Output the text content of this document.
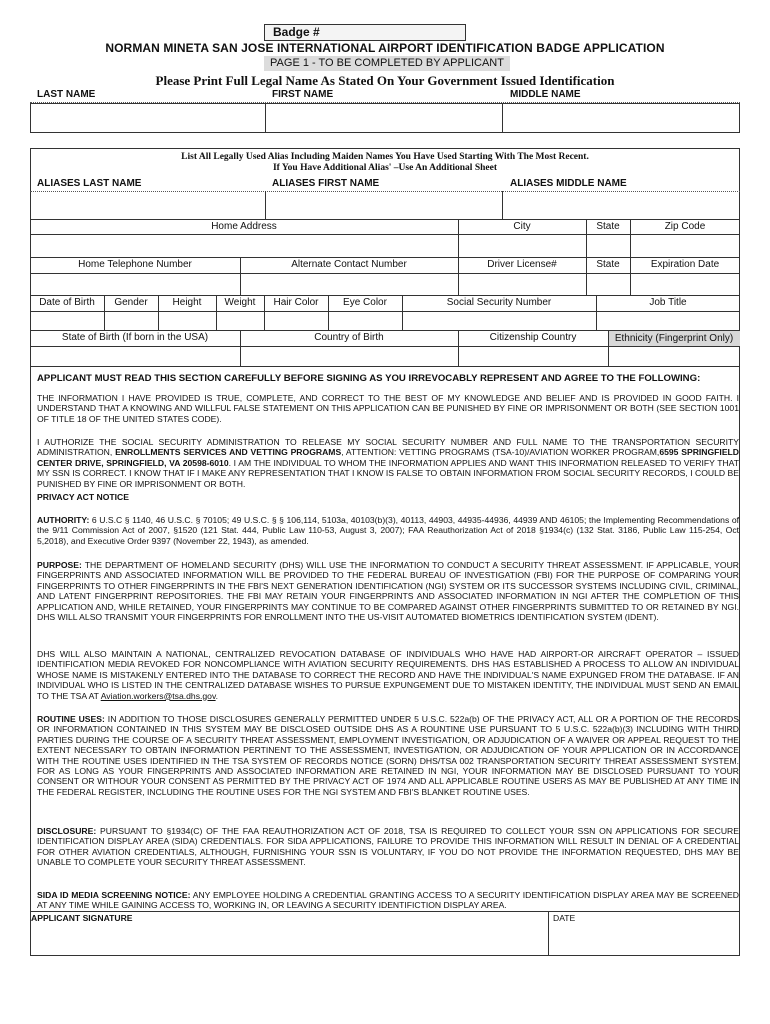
Badge #
NORMAN MINETA SAN JOSE INTERNATIONAL AIRPORT IDENTIFICATION BADGE APPLICATION
PAGE 1 - TO BE COMPLETED BY APPLICANT
Please Print Full Legal Name As Stated On Your Government Issued Identification
LAST NAME	FIRST NAME	MIDDLE NAME
List All Legally Used Alias Including Maiden Names You Have Used Starting With The Most Recent.
If You Have Additional Alias' –Use An Additional Sheet
ALIASES LAST NAME	ALIASES FIRST NAME	ALIASES MIDDLE NAME
Home Address	City	State	Zip Code
Home Telephone Number	Alternate Contact Number	Driver License#	State	Expiration Date
Date of Birth	Gender	Height	Weight	Hair Color	Eye Color	Social Security Number	Job Title
State of Birth (If born in the USA)	Country of Birth	Citizenship Country	Ethnicity (Fingerprint Only)
APPLICANT MUST READ THIS SECTION CAREFULLY BEFORE SIGNING AS YOU IRREVOCABLY REPRESENT AND AGREE TO THE FOLLOWING:
THE INFORMATION I HAVE PROVIDED IS TRUE, COMPLETE, AND CORRECT TO THE BEST OF MY KNOWLEDGE AND BELIEF AND IS PROVIDED IN GOOD FAITH. I UNDERSTAND THAT A KNOWING AND WILLFUL FALSE STATEMENT ON THIS APPLICATION CAN BE PUNISHED BY FINE OR IMPRISONMENT OR BOTH (SEE SECTION 1001 OF TITLE 18 OF THE UNITED STATES CODE).
I AUTHORIZE THE SOCIAL SECURITY ADMINISTRATION TO RELEASE MY SOCIAL SECURITY NUMBER AND FULL NAME TO THE TRANSPORTATION SECURITY ADMINISTRATION, ENROLLMENTS SERVICES AND VETTING PROGRAMS, ATTENTION: VETTING PROGRAMS (TSA-10)/AVIATION WORKER PROGRAM,6595 SPRINGFIELD CENTER DRIVE, SPRINGFIELD, VA 20598-6010. I AM THE INDIVIDUAL TO WHOM THE INFORMATION APPLIES AND WANT THIS INFORMATION RELEASED TO VERIFY THAT MY SSN IS CORRECT. I KNOW THAT IF I MAKE ANY REPRESENTATION THAT I KNOW IS FALSE TO OBTAIN INFORMATION FROM SOCIAL SECURITY RECORDS, I COULD BE PUNISHED BY FINE OR IMPRISONMENT OR BOTH.
PRIVACY ACT NOTICE
AUTHORITY: 6 U.S.C § 1140, 46 U.S.C. § 70105; 49 U.S.C. § § 106,114, 5103a, 40103(b)(3), 40113, 44903, 44935-44936, 44939 AND 46105; the Implementing Recommendations of the 9/11 Commission Act of 2007, §1520 (121 Stat. 444, Public Law 110-53, August 3, 2007); FAA Reauthorization Act of 2018 §1934(c) (132 Stat. 3186, Public Law 115-254, Oct 5,2018), and Executive Order 9397 (November 22, 1943), as amended.
PURPOSE: THE DEPARTMENT OF HOMELAND SECURITY (DHS) WILL USE THE INFORMATION TO CONDUCT A SECURITY THREAT ASSESSMENT. IF APPLICABLE, YOUR FINGERPRINTS AND ASSOCIATED INFORMATION WILL BE PROVIDED TO THE FEDERAL BUREAU OF INVESTIGATION (FBI) FOR THE PURPOSE OF COMPARING YOUR FINGERPRINTS TO OTHER FINGERPRINTS IN THE FBI'S NEXT GENERATION IDENTIFICATION (NGI) SYSTEM OR ITS SUCCESSOR SYSTEMS INCLUDING CIVIL, CRIMINAL, AND LATENT FINGERPRINT REPOSITORIES. THE FBI MAY RETAIN YOUR FINGERPRINTS AND ASSOCIATED INFORMATION IN NGI AFTER THE COMPLETION OF THIS APPLICATION AND, WHILE RETAINED, YOUR FINGERPRINTS MAY CONTINUE TO BE COMPARED AGAINST OTHER FINGERPRINTS SUBMITTED TO OR RETAINED BY NGI. DHS WILL ALSO TRANSMIT YOUR FINGERPRINTS FOR ENROLLMENT INTO THE US-VISIT AUTOMATED BIOMETRICS IDENTIFICATION SYSTEM (IDENT).
DHS WILL ALSO MAINTAIN A NATIONAL, CENTRALIZED REVOCATION DATABASE OF INDIVIDUALS WHO HAVE HAD AIRPORT-OR AIRCRAFT OPERATOR – ISSUED IDENTIFICATION MEDIA REVOKED FOR NONCOMPLIANCE WITH AVIATION SECURITY REQUIREMENTS. DHS HAS ESTABLISHED A PROCESS TO ALLOW AN INDIVIDUAL WHOSE NAME IS MISTAKENLY ENTERED INTO THE DATABASE TO CORRECT THE RECORD AND HAVE THE INDIVIDUAL'S NAME EXPUNGED FROM THE DATABASE. IF AN INDIVIDUAL WHO IS LISTED IN THE CENTRALIZED DATABASE WISHES TO PURSUE EXPUNGEMENT DUE TO MISTAKEN IDENTITY, THE INDIVIDUAL MUST SEND AN EMAIL TO THE TSA AT Aviation.workers@tsa.dhs.gov.
ROUTINE USES: IN ADDITION TO THOSE DISCLOSURES GENERALLY PERMITTED UNDER 5 U.S.C. 522a(b) OF THE PRIVACY ACT, ALL OR A PORTION OF THE RECORDS OR INFORMATION CONTAINED IN THIS SYSTEM MAY BE DISCLOSED OUTSIDE DHS AS A ROUNTINE USE PURSUANT TO 5 U.S.C. 522a(b)(3) INCLUDING WITH THIRD PARTIES DURING THE COURSE OF A SECURITY THREAT ASSESSMENT, EMPLOYMENT INVESTIGATION, OR ADJUDICATION OF A WAIVER OR APPEAL REQUEST TO THE EXTENT NECESSARY TO OBTAIN INFORMATION PERTINENT TO THE ASSESSMENT, INVESTIGATION, OR ADJUDICATION OF YOUR APPLICATION OR IN ACCORDANCE WITH THE ROUTINE USES IDENTIFIED IN THE TSA SYSTEM OF RECORDS NOTICE (SORN) DHS/TSA 002 TRANSPORTATION SECURITY THREAT ASSESSMENT SYSTEM. FOR AS LONG AS YOUR FINGERPRINTS AND ASSOCIATED INFORMATION ARE RETAINED IN NGI, YOUR INFORMATION MAY BE DISCLOSED PURSUANT TO YOUR CONSENT OR WITHOUR YOUR CONSENT AS PERMITTED BY THE PRIVACY ACT OF 1974 AND ALL APPLICABLE ROUTINE USERS AS MAY BE PUBLISHED AT ANY TIME IN THE FEDERAL REGISTER, INCLUDING THE ROUTINE USES FOR THE NGI SYSTEM AND FBI'S BLANKET ROUTINE USES.
DISCLOSURE: PURSUANT TO §1934(C) OF THE FAA REAUTHORIZATION ACT OF 2018, TSA IS REQUIRED TO COLLECT YOUR SSN ON APPLICATIONS FOR SECURE IDENTIFICATION DISPLAY AREA (SIDA) CREDENTIALS. FOR SIDA APPLICATIONS, FAILURE TO PROVIDE THIS INFORMATION WILL RESULT IN DENIAL OF A CREDENTIAL FOR OTHER AVIATION CREDENTIALS, ALTHOUGH, FURNISHING YOUR SSN IS VOLUNTARY, IF YOU DO NOT PROVIDE THE INFORMATION REQUESTED, DHS MAY BE UNABLE TO COMPLETE YOUR SECURITY THREAT ASSESSMENT.
SIDA ID MEDIA SCREENING NOTICE: ANY EMPLOYEE HOLDING A CREDENTIAL GRANTING ACCESS TO A SECURITY IDENTIFICATION DISPLAY AREA MAY BE SCREENED AT ANY TIME WHILE GAINING ACCESS TO, WORKING IN, OR LEAVING A SECURITY IDENTIFICTION DISPLAY AREA.
APPLICANT SIGNATURE	DATE
